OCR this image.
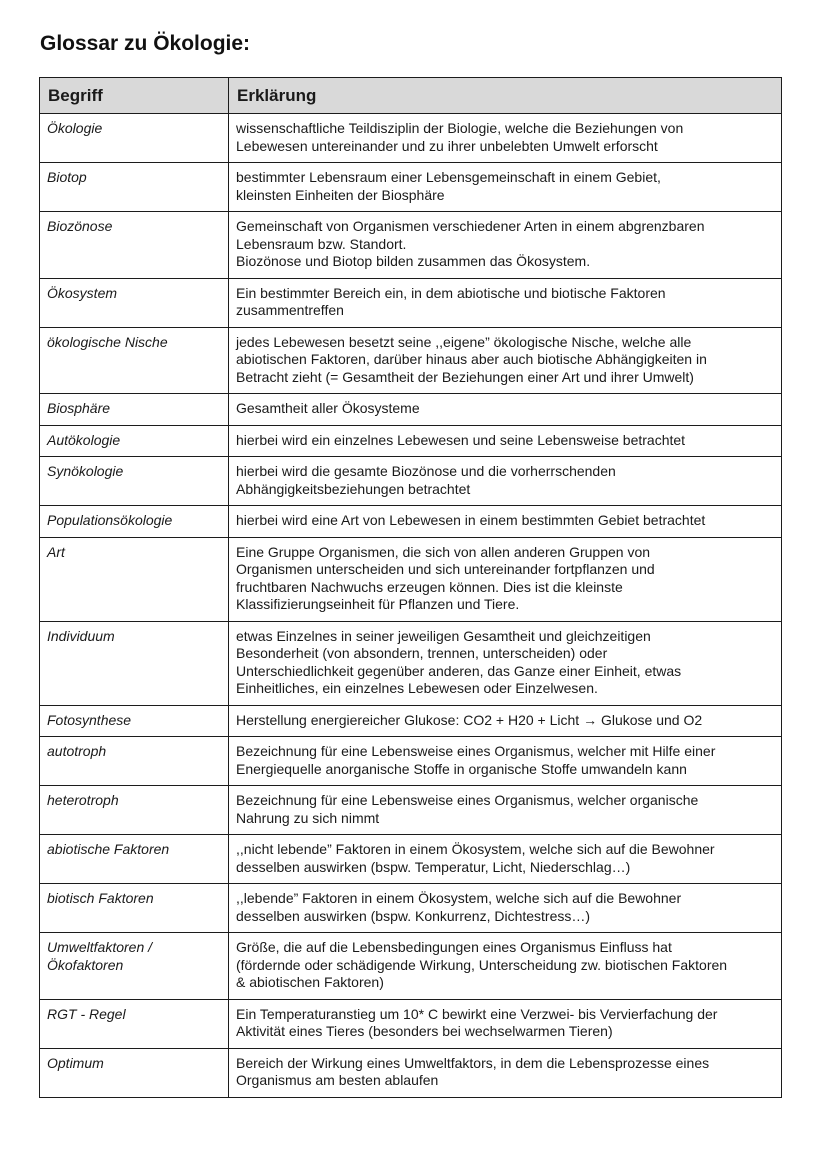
Glossar zu Ökologie:
Begriff	Erklärung
Ökologie	wissenschaftliche Teildisziplin der Biologie, welche die Beziehungen von
Lebewesen untereinander und zu ihrer unbelebten Umwelt erforscht
Biotop	bestimmter Lebensraum einer Lebensgemeinschaft in einem Gebiet,
kleinsten Einheiten der Biosphäre
Biozönose	Gemeinschaft von Organismen verschiedener Arten in einem abgrenzbaren
Lebensraum bzw. Standort.
Biozönose und Biotop bilden zusammen das Ökosystem.
Ökosystem	Ein bestimmter Bereich ein, in dem abiotische und biotische Faktoren
zusammentreffen
ökologische Nische	jedes Lebewesen besetzt seine ,,eigene” ökologische Nische, welche alle
abiotischen Faktoren, darüber hinaus aber auch biotische Abhängigkeiten in
Betracht zieht (= Gesamtheit der Beziehungen einer Art und ihrer Umwelt)
Biosphäre	Gesamtheit aller Ökosysteme
Autökologie	hierbei wird ein einzelnes Lebewesen und seine Lebensweise betrachtet
Synökologie	hierbei wird die gesamte Biozönose und die vorherrschenden
Abhängigkeitsbeziehungen betrachtet
Populationsökologie	hierbei wird eine Art von Lebewesen in einem bestimmten Gebiet betrachtet
Art	Eine Gruppe Organismen, die sich von allen anderen Gruppen von
Organismen unterscheiden und sich untereinander fortpflanzen und
fruchtbaren Nachwuchs erzeugen können. Dies ist die kleinste
Klassifizierungseinheit für Pflanzen und Tiere.
Individuum	etwas Einzelnes in seiner jeweiligen Gesamtheit und gleichzeitigen
Besonderheit (von absondern, trennen, unterscheiden) oder
Unterschiedlichkeit gegenüber anderen, das Ganze einer Einheit, etwas
Einheitliches, ein einzelnes Lebewesen oder Einzelwesen.
Fotosynthese	Herstellung energiereicher Glukose: CO2 + H20 + Licht → Glukose und O2
autotroph	Bezeichnung für eine Lebensweise eines Organismus, welcher mit Hilfe einer
Energiequelle anorganische Stoffe in organische Stoffe umwandeln kann
heterotroph	Bezeichnung für eine Lebensweise eines Organismus, welcher organische
Nahrung zu sich nimmt
abiotische Faktoren	,,nicht lebende” Faktoren in einem Ökosystem, welche sich auf die Bewohner
desselben auswirken (bspw. Temperatur, Licht, Niederschlag…)
biotisch Faktoren	,,lebende” Faktoren in einem Ökosystem, welche sich auf die Bewohner
desselben auswirken (bspw. Konkurrenz, Dichtestress…)
Umweltfaktoren /
Ökofaktoren	Größe, die auf die Lebensbedingungen eines Organismus Einfluss hat
(fördernde oder schädigende Wirkung, Unterscheidung zw. biotischen Faktoren
& abiotischen Faktoren)
RGT - Regel	Ein Temperaturanstieg um 10* C bewirkt eine Verzwei- bis Vervierfachung der
Aktivität eines Tieres (besonders bei wechselwarmen Tieren)
Optimum	Bereich der Wirkung eines Umweltfaktors, in dem die Lebensprozesse eines
Organismus am besten ablaufen
